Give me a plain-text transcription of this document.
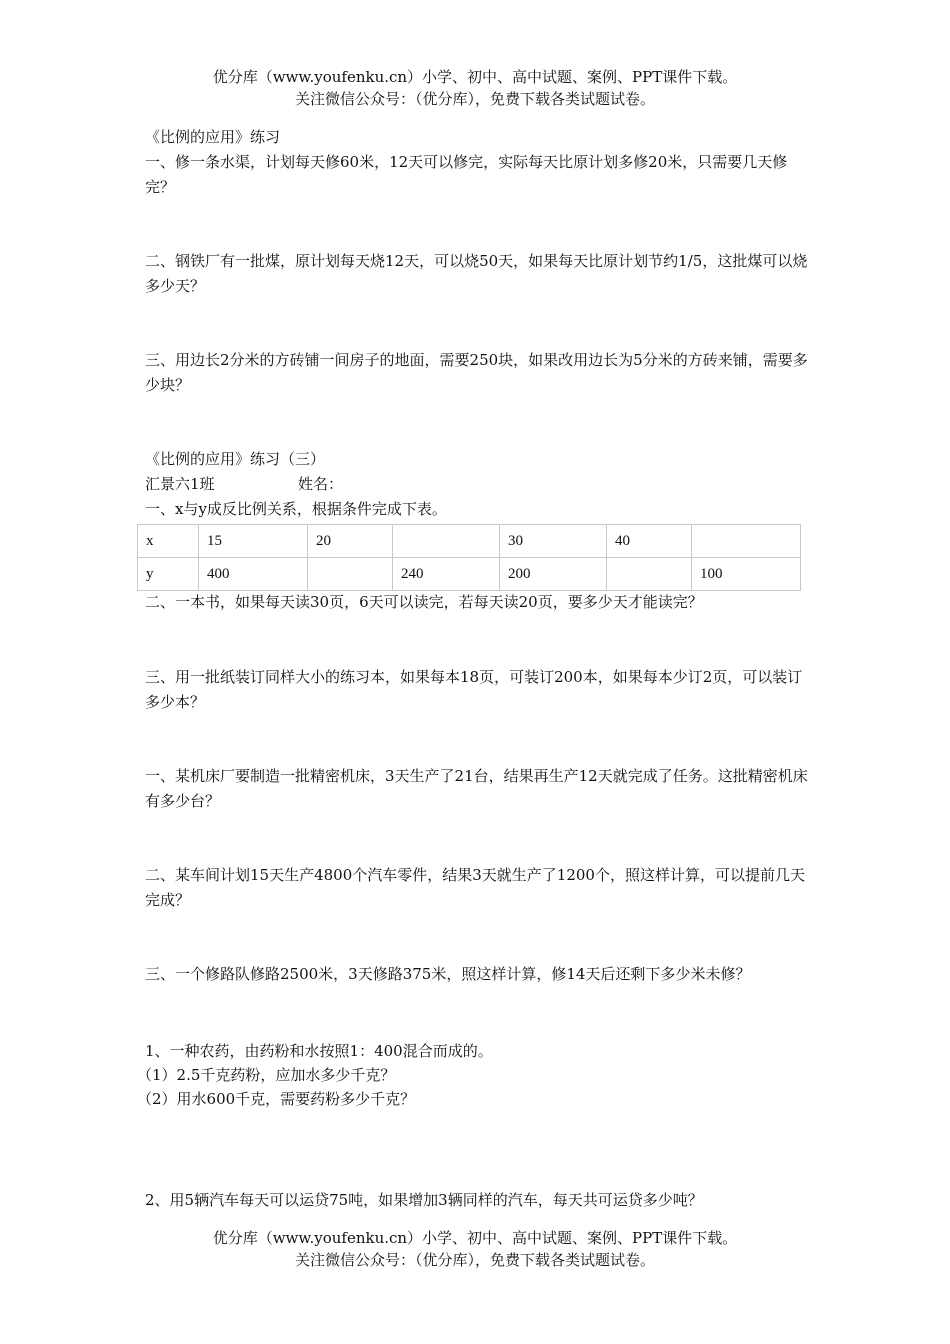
优分库（www.youfenku.cn）小学、初中、高中试题、案例、PPT课件下载。
关注微信公众号：（优分库），免费下载各类试题试卷。
《比例的应用》练习
一、修一条水渠，计划每天修60米，12天可以修完，实际每天比原计划多修20米，只需要几天修完？
二、钢铁厂有一批煤，原计划每天烧12天，可以烧50天，如果每天比原计划节约1/5，这批煤可以烧多少天？
三、用边长2分米的方砖铺一间房子的地面，需要250块，如果改用边长为5分米的方砖来铺，需要多少块？
《比例的应用》练习（三）
汇景六1班	姓名：
一、x与y成反比例关系，根据条件完成下表。
x	15	20		30	40	
y	400		240	200		100
二、一本书，如果每天读30页，6天可以读完，若每天读20页，要多少天才能读完？
三、用一批纸装订同样大小的练习本，如果每本18页，可装订200本，如果每本少订2页，可以装订多少本？
一、某机床厂要制造一批精密机床，3天生产了21台，结果再生产12天就完成了任务。这批精密机床有多少台？
二、某车间计划15天生产4800个汽车零件，结果3天就生产了1200个，照这样计算，可以提前几天完成？
三、一个修路队修路2500米，3天修路375米，照这样计算，修14天后还剩下多少米未修？
1、一种农药，由药粉和水按照1：400混合而成的。
（1）2.5千克药粉，应加水多少千克？
（2）用水600千克，需要药粉多少千克？
2、用5辆汽车每天可以运贷75吨，如果增加3辆同样的汽车，每天共可运贷多少吨？
优分库（www.youfenku.cn）小学、初中、高中试题、案例、PPT课件下载。
关注微信公众号：（优分库），免费下载各类试题试卷。
